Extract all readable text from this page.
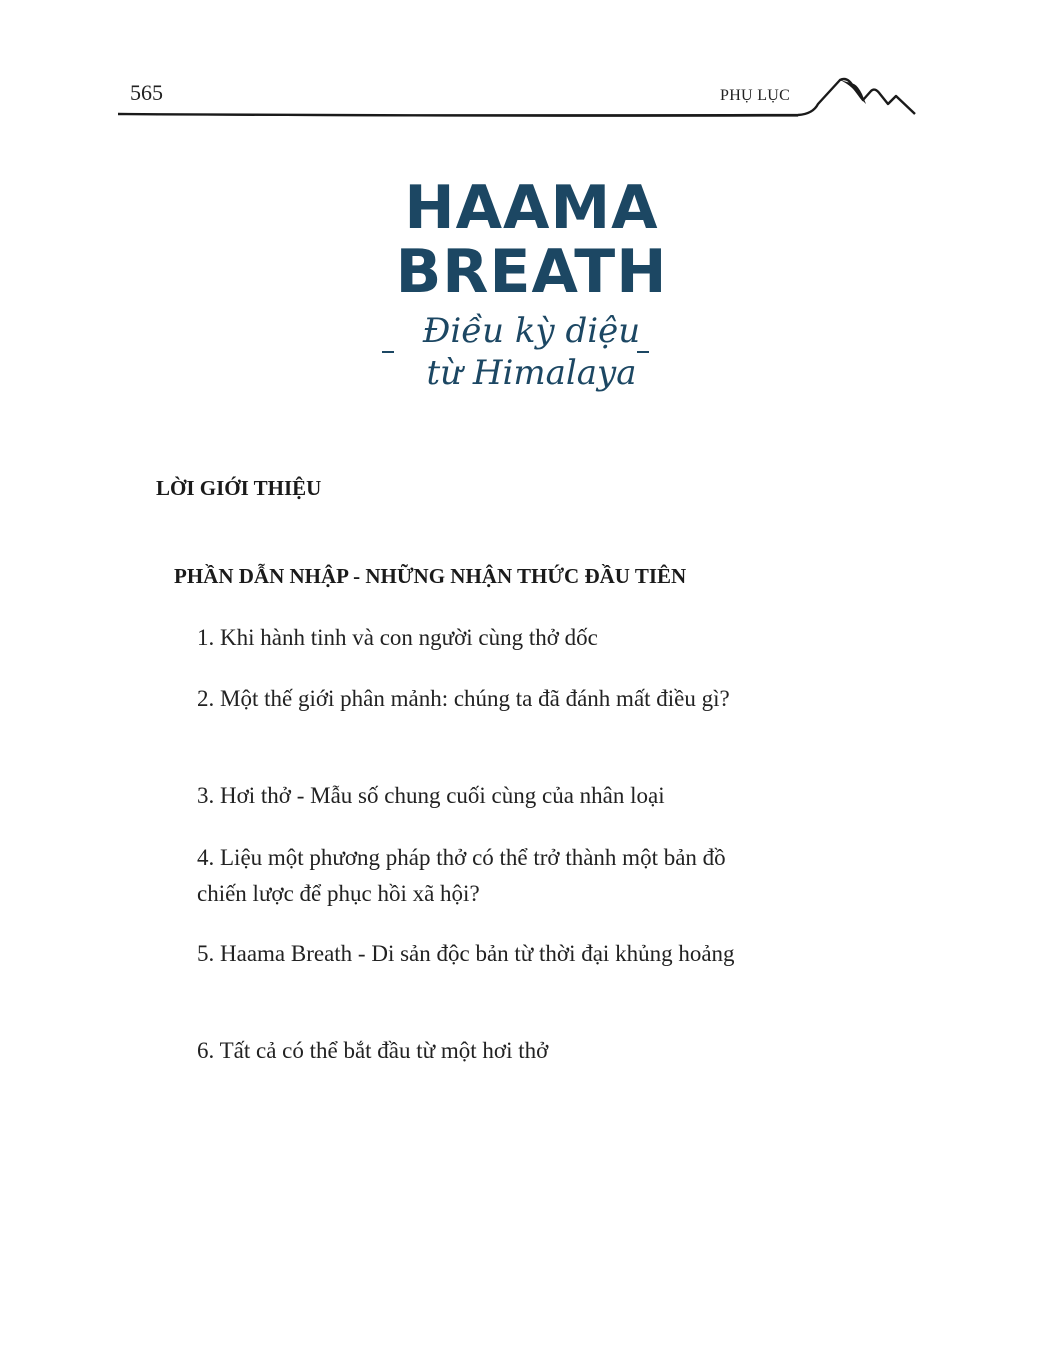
565	PHỤ LỤC
HAAMA
BREATH
Điều kỳ diệu
từ Himalaya
LỜI GIỚI THIỆU
PHẦN DẪN NHẬP - NHỮNG NHẬN THỨC ĐẦU TIÊN
1. Khi hành tinh và con người cùng thở dốc
2. Một thế giới phân mảnh: chúng ta đã đánh mất điều gì?
3. Hơi thở - Mẫu số chung cuối cùng của nhân loại
4. Liệu một phương pháp thở có thể trở thành một bản đồ chiến lược để phục hồi xã hội?
5. Haama Breath - Di sản độc bản từ thời đại khủng hoảng
6. Tất cả có thể bắt đầu từ một hơi thở
